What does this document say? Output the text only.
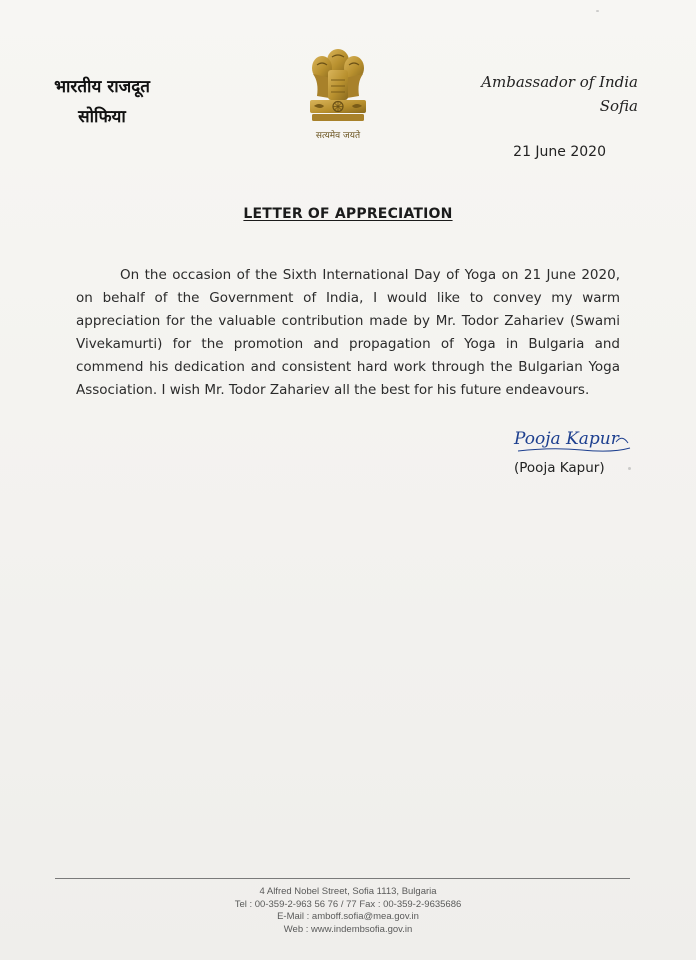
भारतीय राजदूत
सोफिया
सत्यमेव जयते
Ambassador of India
Sofia
21 June 2020
LETTER OF APPRECIATION

On the occasion of the Sixth International Day of Yoga on 21 June 2020, on behalf of the Government of India, I would like to convey my warm appreciation for the valuable contribution made by Mr. Todor Zahariev (Swami Vivekamurti) for the promotion and propagation of Yoga in Bulgaria and commend his dedication and consistent hard work through the Bulgarian Yoga Association. I wish Mr. Todor Zahariev all the best for his future endeavours.

Pooja Kapur
(Pooja Kapur)
4 Alfred Nobel Street, Sofia 1113, Bulgaria
Tel : 00-359-2-963 56 76 / 77 Fax : 00-359-2-9635686
E-Mail : amboff.sofia@mea.gov.in
Web : www.indembsofia.gov.in
